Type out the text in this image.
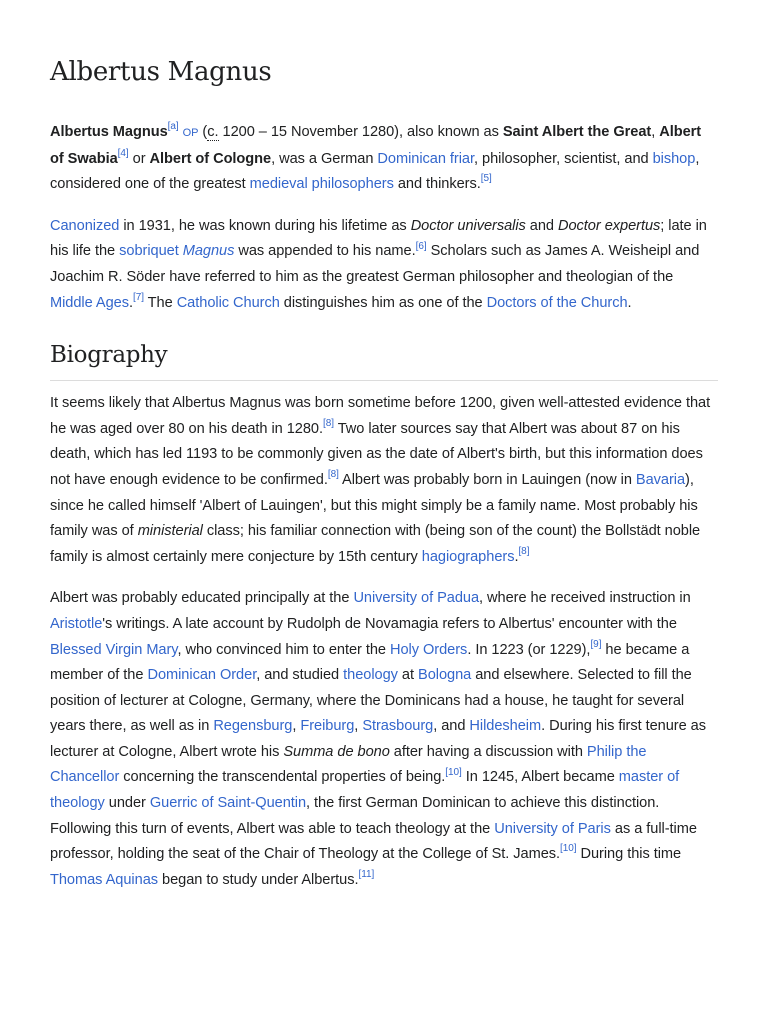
Albertus Magnus

Albertus Magnus[a] OP (c. 1200 – 15 November 1280), also known as Saint Albert the Great, Albert of Swabia[4] or Albert of Cologne, was a German Dominican friar, philosopher, scientist, and bishop, considered one of the greatest medieval philosophers and thinkers.[5]

Canonized in 1931, he was known during his lifetime as Doctor universalis and Doctor expertus; late in his life the sobriquet Magnus was appended to his name.[6] Scholars such as James A. Weisheipl and Joachim R. Söder have referred to him as the greatest German philosopher and theologian of the Middle Ages.[7] The Catholic Church distinguishes him as one of the Doctors of the Church.

Biography

It seems likely that Albertus Magnus was born sometime before 1200, given well-attested evidence that he was aged over 80 on his death in 1280.[8] Two later sources say that Albert was about 87 on his death, which has led 1193 to be commonly given as the date of Albert's birth, but this information does not have enough evidence to be confirmed.[8] Albert was probably born in Lauingen (now in Bavaria), since he called himself 'Albert of Lauingen', but this might simply be a family name. Most probably his family was of ministerial class; his familiar connection with (being son of the count) the Bollstädt noble family is almost certainly mere conjecture by 15th century hagiographers.[8]

Albert was probably educated principally at the University of Padua, where he received instruction in Aristotle's writings. A late account by Rudolph de Novamagia refers to Albertus' encounter with the Blessed Virgin Mary, who convinced him to enter the Holy Orders. In 1223 (or 1229),[9] he became a member of the Dominican Order, and studied theology at Bologna and elsewhere. Selected to fill the position of lecturer at Cologne, Germany, where the Dominicans had a house, he taught for several years there, as well as in Regensburg, Freiburg, Strasbourg, and Hildesheim. During his first tenure as lecturer at Cologne, Albert wrote his Summa de bono after having a discussion with Philip the Chancellor concerning the transcendental properties of being.[10] In 1245, Albert became master of theology under Guerric of Saint-Quentin, the first German Dominican to achieve this distinction. Following this turn of events, Albert was able to teach theology at the University of Paris as a full-time professor, holding the seat of the Chair of Theology at the College of St. James.[10] During this time Thomas Aquinas began to study under Albertus.[11]
